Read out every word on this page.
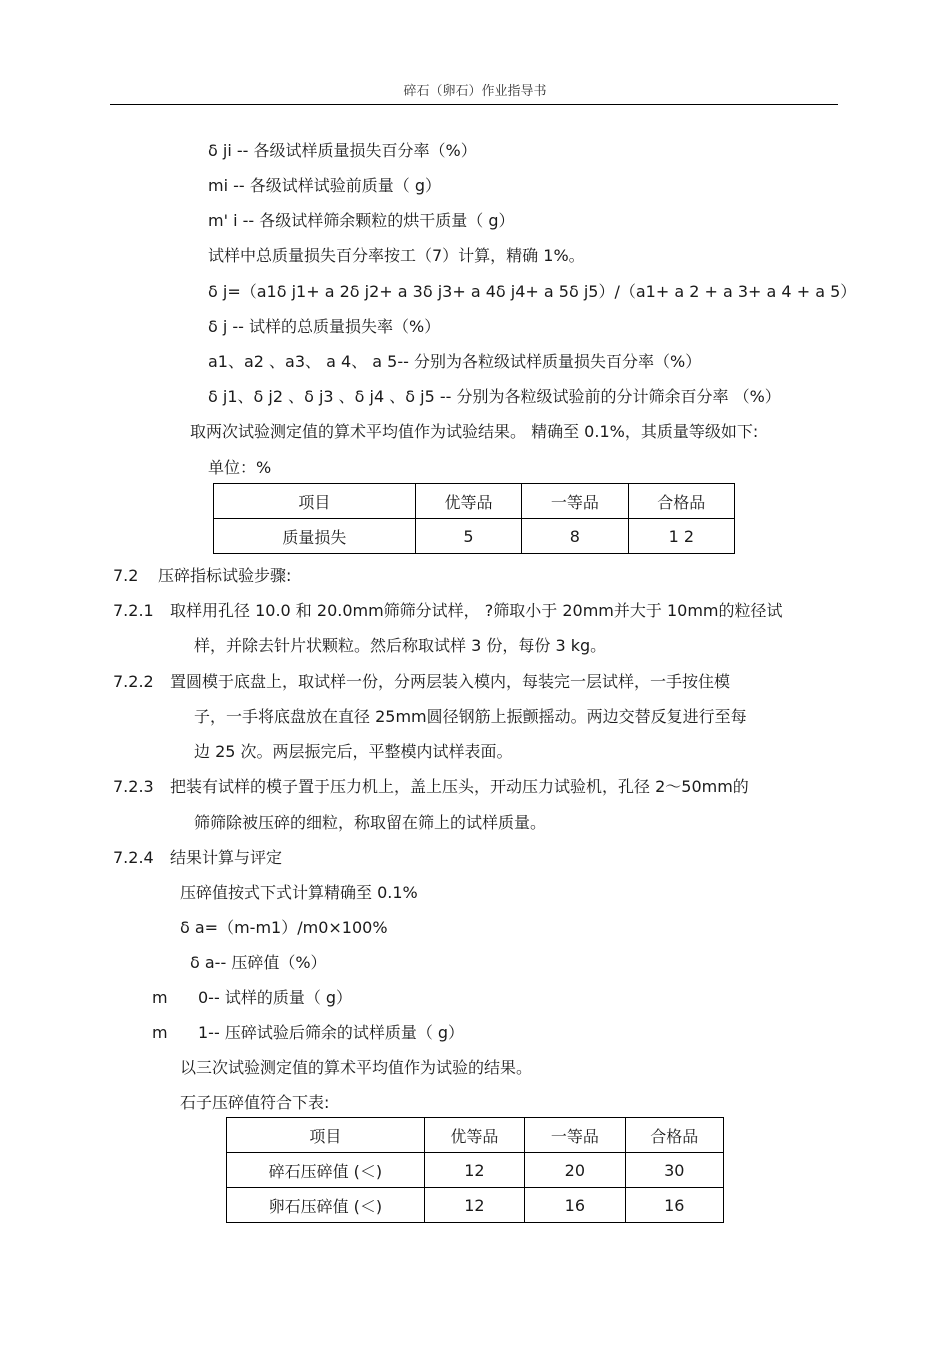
碎石（卵石）作业指导书
δ ji -- 各级试样质量损失百分率（%）
mi -- 各级试样试验前质量（ g）
m' i -- 各级试样筛余颗粒的烘干质量（ g）
试样中总质量损失百分率按工（7）计算，精确 1%。
δ j=（a1δ j1+ a 2δ j2+ a 3δ j3+ a 4δ j4+ a 5δ j5）/（a1+ a 2 + a 3+ a 4 + a 5）
δ j -- 试样的总质量损失率（%）
a1、a2 、a3、 a 4、 a 5-- 分别为各粒级试样质量损失百分率（%）
δ j1、δ j2 、δ j3 、δ j4 、δ j5 -- 分别为各粒级试验前的分计筛余百分率 （%）
取两次试验测定值的算术平均值作为试验结果。 精确至 0.1%，其质量等级如下:
单位：%
项目	优等品	一等品	合格品
质量损失	5	8	1 2
7.2 压碎指标试验步骤:
7.2.1 取样用孔径 10.0 和 20.0mm筛筛分试样， ?筛取小于 20mm并大于 10mm的粒径试
样，并除去针片状颗粒。然后称取试样 3 份，每份 3 kg。
7.2.2 置圆模于底盘上，取试样一份，分两层装入模内，每装完一层试样，一手按住模
子，一手将底盘放在直径 25mm圆径钢筋上振颤摇动。两边交替反复进行至每
边 25 次。两层振完后，平整模内试样表面。
7.2.3 把装有试样的模子置于压力机上，盖上压头，开动压力试验机，孔径 2～50mm的
筛筛除被压碎的细粒，称取留在筛上的试样质量。
7.2.4 结果计算与评定
压碎值按式下式计算精确至 0.1%
δ a=（m-m1）/m0×100%
δ a-- 压碎值（%）
m 0-- 试样的质量（ g）
m 1-- 压碎试验后筛余的试样质量（ g）
以三次试验测定值的算术平均值作为试验的结果。
石子压碎值符合下表:
项目	优等品	一等品	合格品
碎石压碎值 (＜)	12	20	30
卵石压碎值 (＜)	12	16	16
